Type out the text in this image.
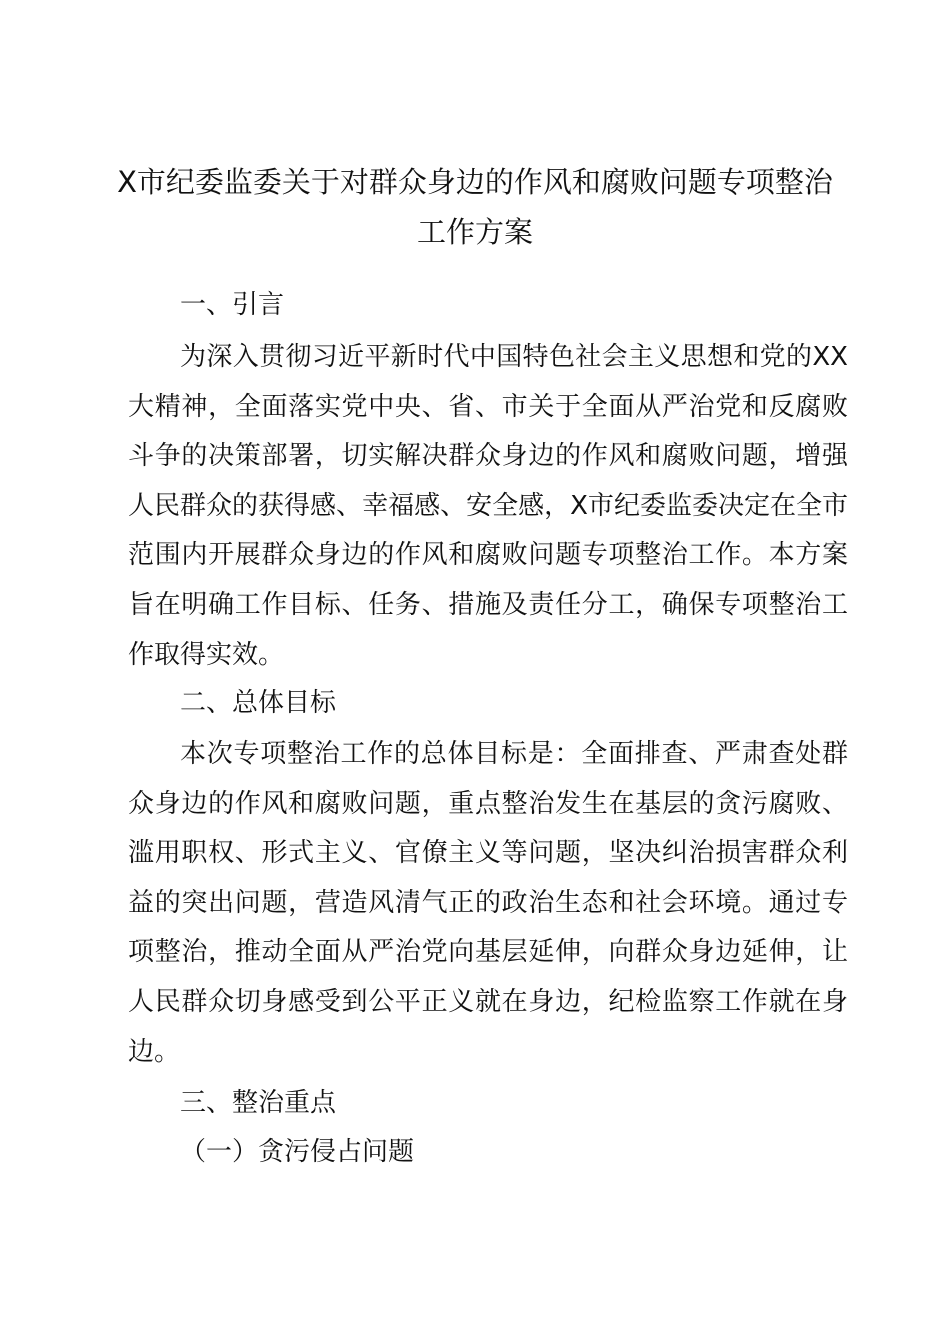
X市纪委监委关于对群众身边的作风和腐败问题专项整治工作方案
一、引言

为深入贯彻习近平新时代中国特色社会主义思想和党的XX大精神，全面落实党中央、省、市关于全面从严治党和反腐败斗争的决策部署，切实解决群众身边的作风和腐败问题，增强人民群众的获得感、幸福感、安全感，X市纪委监委决定在全市范围内开展群众身边的作风和腐败问题专项整治工作。本方案旨在明确工作目标、任务、措施及责任分工，确保专项整治工作取得实效。

二、总体目标

本次专项整治工作的总体目标是：全面排查、严肃查处群众身边的作风和腐败问题，重点整治发生在基层的贪污腐败、滥用职权、形式主义、官僚主义等问题，坚决纠治损害群众利益的突出问题，营造风清气正的政治生态和社会环境。通过专项整治，推动全面从严治党向基层延伸，向群众身边延伸，让人民群众切身感受到公平正义就在身边，纪检监察工作就在身边。

三、整治重点
（一）贪污侵占问题
